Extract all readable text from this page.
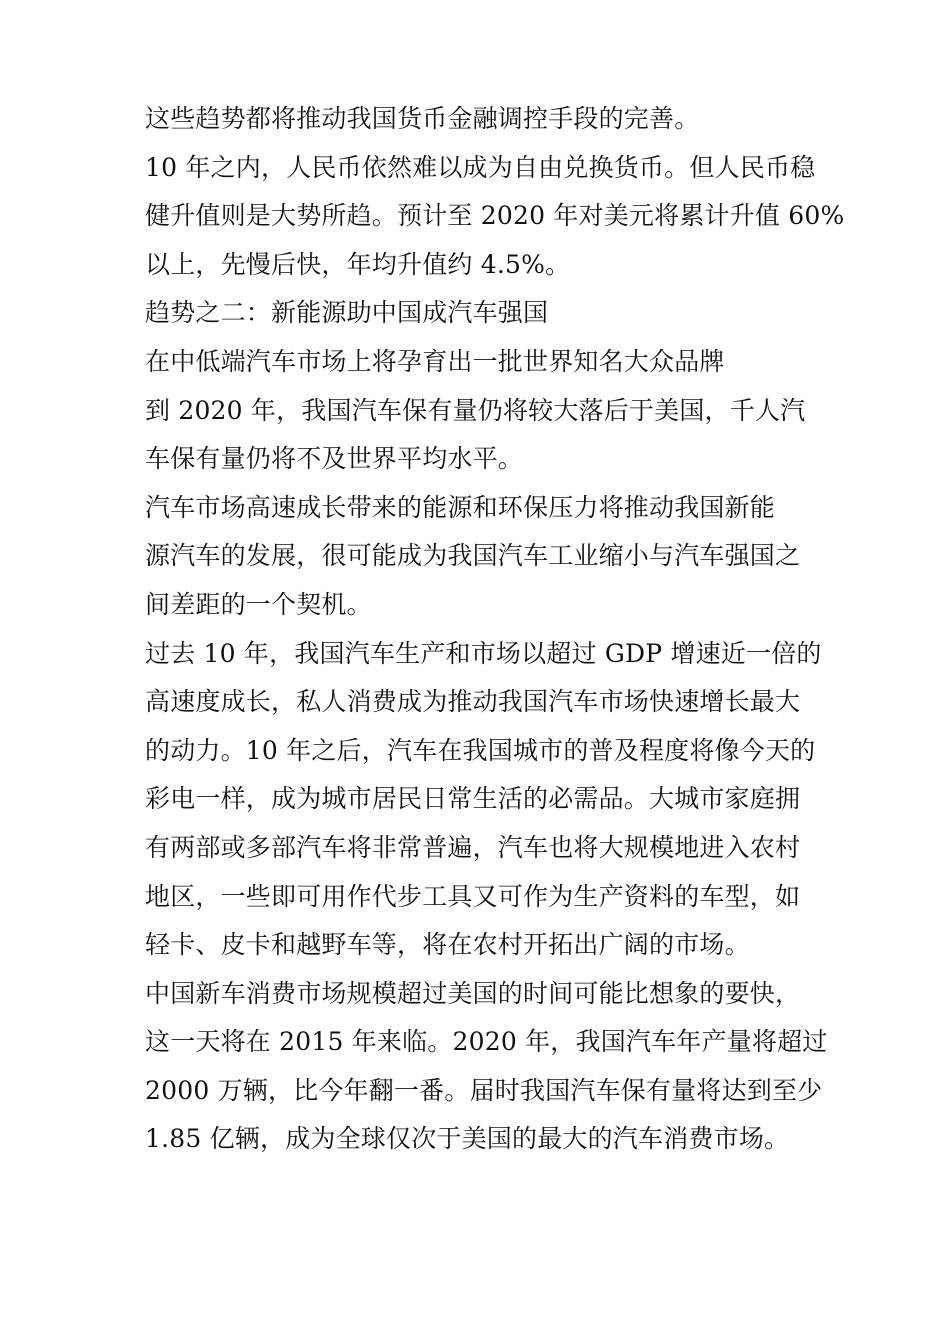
这些趋势都将推动我国货币金融调控手段的完善。
10 年之内，人民币依然难以成为自由兑换货币。但人民币稳
健升值则是大势所趋。预计至 2020 年对美元将累计升值 60%
以上，先慢后快，年均升值约 4.5%。
趋势之二：新能源助中国成汽车强国
在中低端汽车市场上将孕育出一批世界知名大众品牌
到 2020 年，我国汽车保有量仍将较大落后于美国，千人汽
车保有量仍将不及世界平均水平。
汽车市场高速成长带来的能源和环保压力将推动我国新能
源汽车的发展，很可能成为我国汽车工业缩小与汽车强国之
间差距的一个契机。
过去 10 年，我国汽车生产和市场以超过 GDP 增速近一倍的
高速度成长，私人消费成为推动我国汽车市场快速增长最大
的动力。10 年之后，汽车在我国城市的普及程度将像今天的
彩电一样，成为城市居民日常生活的必需品。大城市家庭拥
有两部或多部汽车将非常普遍，汽车也将大规模地进入农村
地区，一些即可用作代步工具又可作为生产资料的车型，如
轻卡、皮卡和越野车等，将在农村开拓出广阔的市场。
中国新车消费市场规模超过美国的时间可能比想象的要快，
这一天将在 2015 年来临。2020 年，我国汽车年产量将超过
2000 万辆，比今年翻一番。届时我国汽车保有量将达到至少
1.85 亿辆，成为全球仅次于美国的最大的汽车消费市场。
